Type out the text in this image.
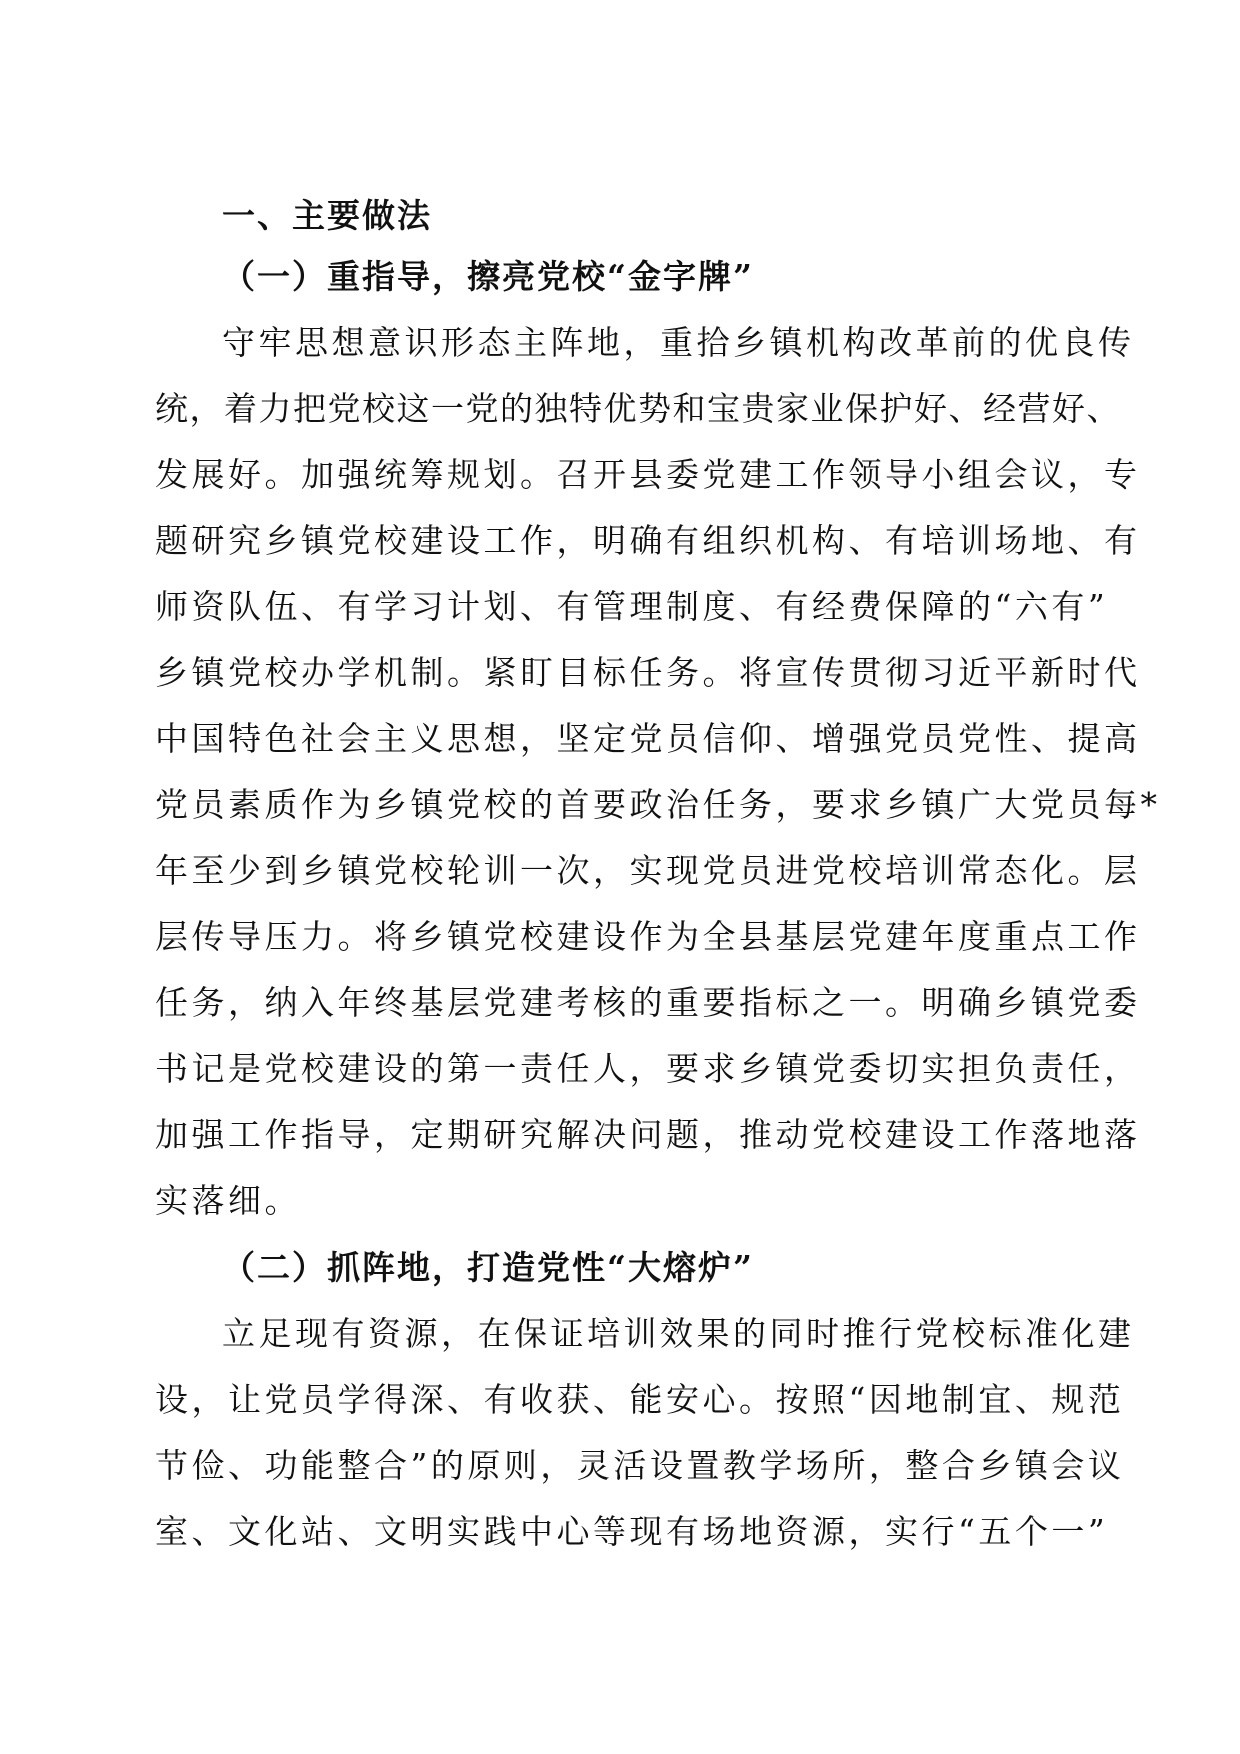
一、主要做法
（一）重指导，擦亮党校“金字牌”
守牢思想意识形态主阵地，重拾乡镇机构改革前的优良传
统，着力把党校这一党的独特优势和宝贵家业保护好、经营好、
发展好。加强统筹规划。召开县委党建工作领导小组会议，专
题研究乡镇党校建设工作，明确有组织机构、有培训场地、有
师资队伍、有学习计划、有管理制度、有经费保障的“六有”
乡镇党校办学机制。紧盯目标任务。将宣传贯彻习近平新时代
中国特色社会主义思想，坚定党员信仰、增强党员党性、提高
党员素质作为乡镇党校的首要政治任务，要求乡镇广大党员每*
年至少到乡镇党校轮训一次，实现党员进党校培训常态化。层
层传导压力。将乡镇党校建设作为全县基层党建年度重点工作
任务，纳入年终基层党建考核的重要指标之一。明确乡镇党委
书记是党校建设的第一责任人，要求乡镇党委切实担负责任，
加强工作指导，定期研究解决问题，推动党校建设工作落地落
实落细。
（二）抓阵地，打造党性“大熔炉”
立足现有资源，在保证培训效果的同时推行党校标准化建
设，让党员学得深、有收获、能安心。按照“因地制宜、规范
节俭、功能整合”的原则，灵活设置教学场所，整合乡镇会议
室、文化站、文明实践中心等现有场地资源，实行“五个一”
